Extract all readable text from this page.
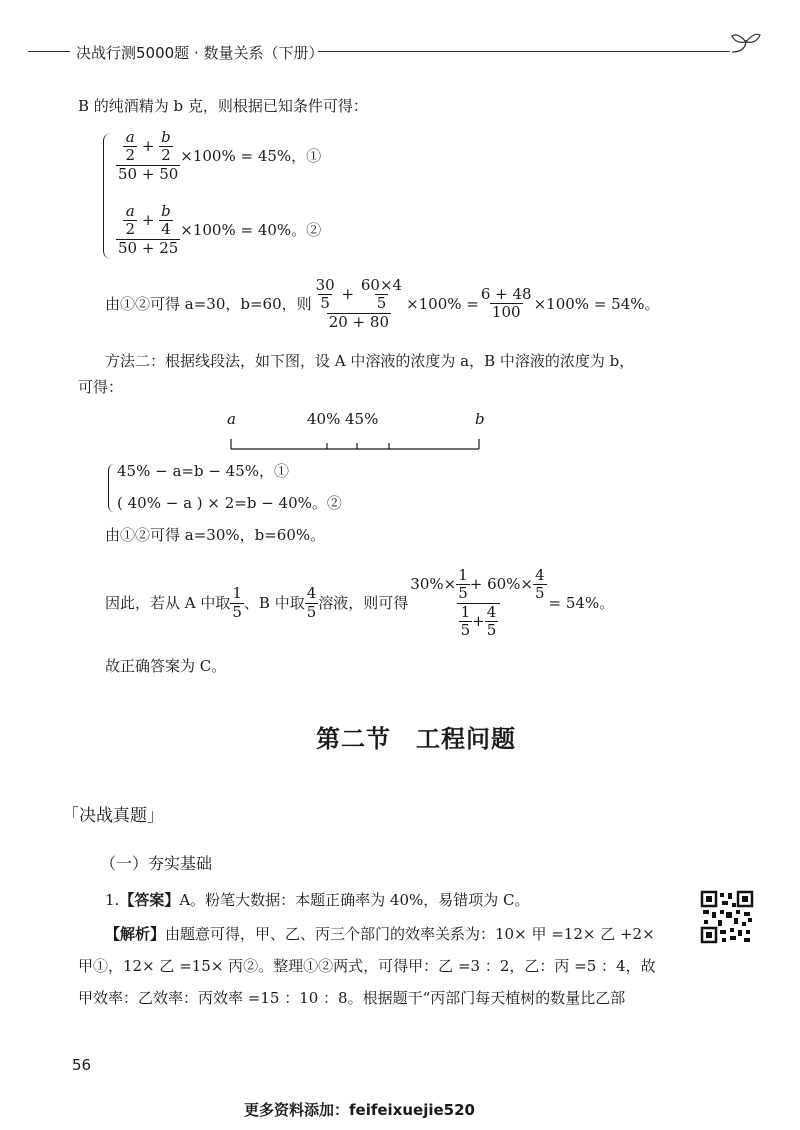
决战行测5000题 · 数量关系（下册）
B 的纯酒精为 b 克，则根据已知条件可得：
$\frac{\frac{a}{2} + \frac{b}{2}}{50 + 50} \times 100\% = 45\%$，①
$\frac{\frac{a}{2} + \frac{b}{4}}{50 + 25} \times 100\% = 40\%$。②
由①②可得 a=30，b=60，则 $\frac{\frac{30}{5} + \frac{60\times 4}{5}}{20 + 80} \times 100\% = \frac{6 + 48}{100} \times 100\% = 54\%$。
方法二：根据线段法，如下图，设 A 中溶液的浓度为 a，B 中溶液的浓度为 b，
可得：
a	40% 45%	b
45% − a=b − 45%，①
( 40% − a ) × 2=b − 40%。②
由①②可得 a=30%，b=60%。
因此，若从 A 中取 $\frac{1}{5}$ 、B 中取 $\frac{4}{5}$ 溶液，则可得 $\frac{30\%\times \frac{1}{5} + 60\%\times \frac{4}{5}}{\frac{1}{5} + \frac{4}{5}} = 54\%$。
故正确答案为 C。
第二节　工程问题
「决战真题」
（一）夯实基础
1.【答案】A。粉笔大数据：本题正确率为 40%，易错项为 C。
【解析】由题意可得，甲、乙、丙三个部门的效率关系为：10× 甲 =12× 乙 +2×
甲①，12× 乙 =15× 丙②。整理①②两式，可得甲：乙 =3 ：2，乙：丙 =5 ：4，故
甲效率：乙效率：丙效率 =15 ：10 ：8。根据题干“丙部门每天植树的数量比乙部
56
更多资料添加：feifeixuejie520
